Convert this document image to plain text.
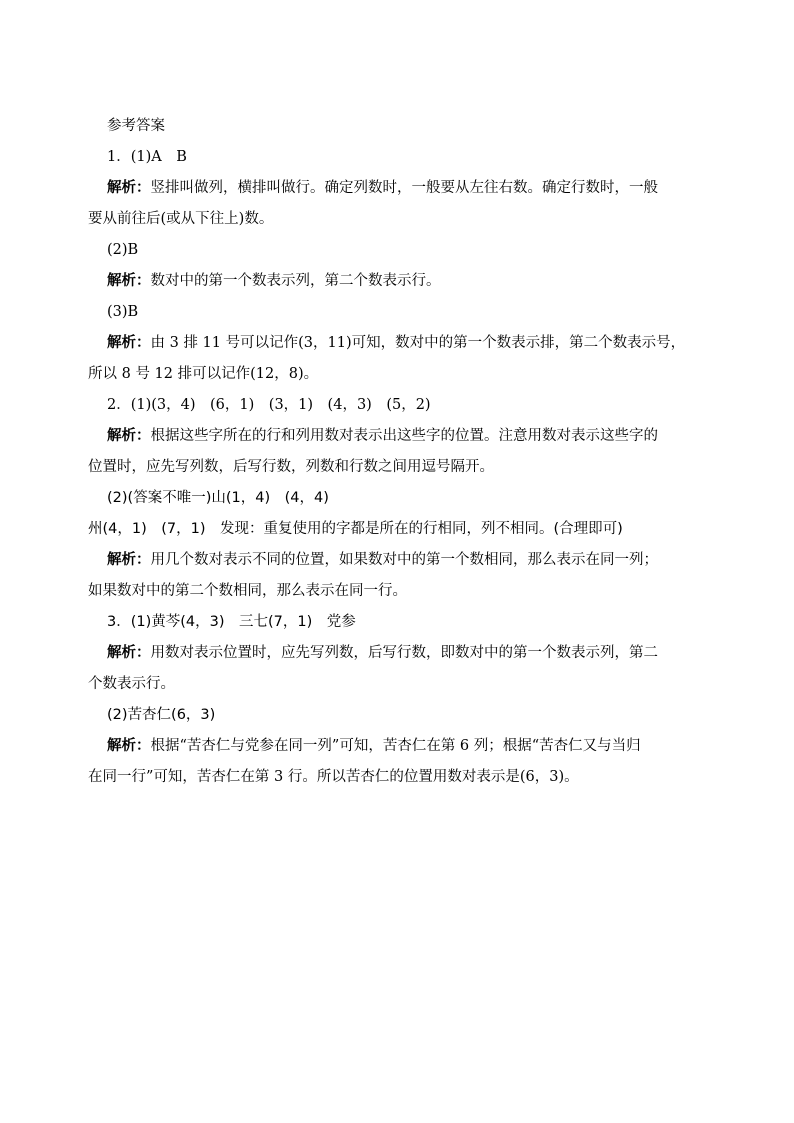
参考答案

1．(1)A　B

解析：竖排叫做列，横排叫做行。确定列数时，一般要从左往右数。确定行数时，一般

要从前往后(或从下往上)数。

(2)B

解析：数对中的第一个数表示列，第二个数表示行。

(3)B

解析：由 3 排 11 号可以记作(3，11)可知，数对中的第一个数表示排，第二个数表示号，

所以 8 号 12 排可以记作(12，8)。

2．(1)(3，4)　(6，1)　(3，1)　(4，3)　(5，2)

解析：根据这些字所在的行和列用数对表示出这些字的位置。注意用数对表示这些字的

位置时，应先写列数，后写行数，列数和行数之间用逗号隔开。

(2)(答案不唯一)山(1，4)　(4，4)

州(4，1)　(7，1)　发现：重复使用的字都是所在的行相同，列不相同。(合理即可)

解析：用几个数对表示不同的位置，如果数对中的第一个数相同，那么表示在同一列；

如果数对中的第二个数相同，那么表示在同一行。

3．(1)黄芩(4，3)　三七(7，1)　党参

解析：用数对表示位置时，应先写列数，后写行数，即数对中的第一个数表示列，第二

个数表示行。

(2)苦杏仁(6，3)

解析：根据“苦杏仁与党参在同一列”可知，苦杏仁在第 6 列；根据“苦杏仁又与当归

在同一行”可知，苦杏仁在第 3 行。所以苦杏仁的位置用数对表示是(6，3)。
